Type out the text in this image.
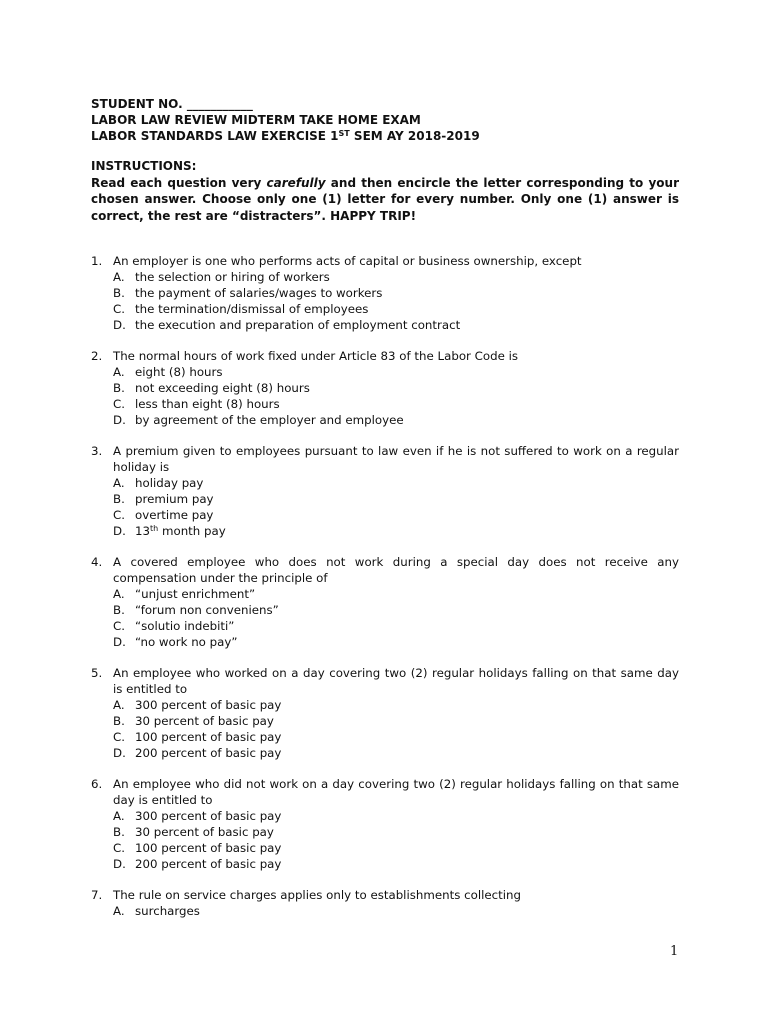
STUDENT NO. ___________
LABOR LAW REVIEW MIDTERM TAKE HOME EXAM
LABOR STANDARDS LAW EXERCISE 1ST SEM AY 2018-2019
INSTRUCTIONS:
Read each question very carefully and then encircle the letter corresponding to your chosen answer. Choose only one (1) letter for every number. Only one (1) answer is correct, the rest are “distracters”. HAPPY TRIP!
1. An employer is one who performs acts of capital or business ownership, except
A. the selection or hiring of workers
B. the payment of salaries/wages to workers
C. the termination/dismissal of employees
D. the execution and preparation of employment contract
2. The normal hours of work fixed under Article 83 of the Labor Code is
A. eight (8) hours
B. not exceeding eight (8) hours
C. less than eight (8) hours
D. by agreement of the employer and employee
3. A premium given to employees pursuant to law even if he is not suffered to work on a regular holiday is
A. holiday pay
B. premium pay
C. overtime pay
D. 13th month pay
4. A covered employee who does not work during a special day does not receive any compensation under the principle of
A. “unjust enrichment”
B. “forum non conveniens”
C. “solutio indebiti”
D. “no work no pay”
5. An employee who worked on a day covering two (2) regular holidays falling on that same day is entitled to
A. 300 percent of basic pay
B. 30 percent of basic pay
C. 100 percent of basic pay
D. 200 percent of basic pay
6. An employee who did not work on a day covering two (2) regular holidays falling on that same day is entitled to
A. 300 percent of basic pay
B. 30 percent of basic pay
C. 100 percent of basic pay
D. 200 percent of basic pay
7. The rule on service charges applies only to establishments collecting
A. surcharges
1
